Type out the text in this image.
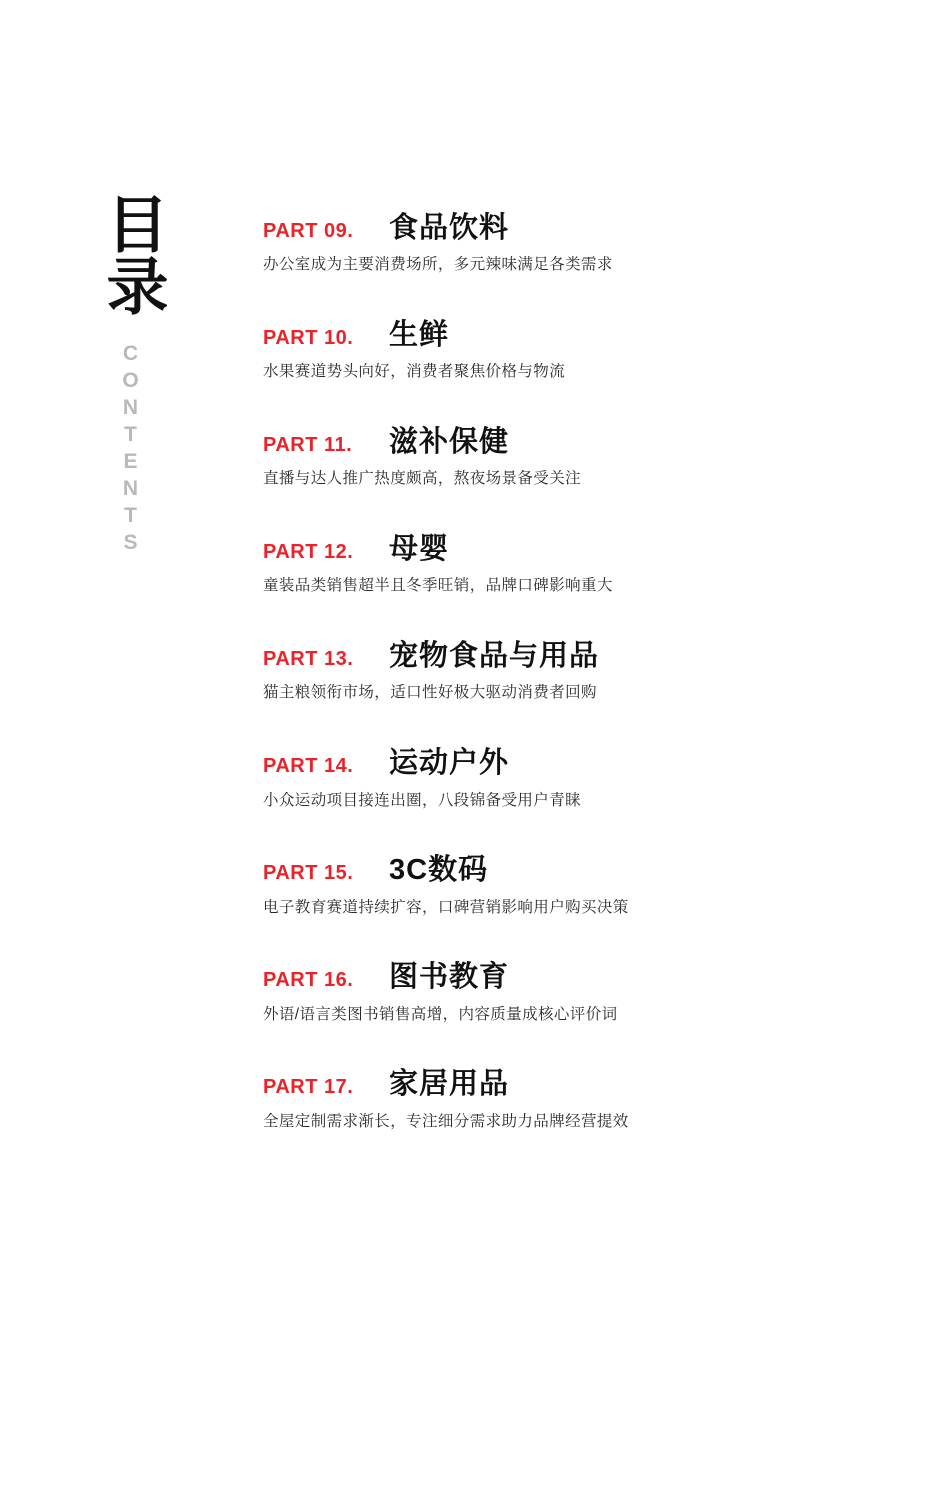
目录
CONTENTS
PART 09.	食品饮料
办公室成为主要消费场所，多元辣味满足各类需求
PART 10.	生鲜
水果赛道势头向好，消费者聚焦价格与物流
PART 11.	滋补保健
直播与达人推广热度颇高，熬夜场景备受关注
PART 12.	母婴
童装品类销售超半且冬季旺销，品牌口碑影响重大
PART 13.	宠物食品与用品
猫主粮领衔市场，适口性好极大驱动消费者回购
PART 14.	运动户外
小众运动项目接连出圈，八段锦备受用户青睐
PART 15.	3C数码
电子教育赛道持续扩容，口碑营销影响用户购买决策
PART 16.	图书教育
外语/语言类图书销售高增，内容质量成核心评价词
PART 17.	家居用品
全屋定制需求渐长，专注细分需求助力品牌经营提效
